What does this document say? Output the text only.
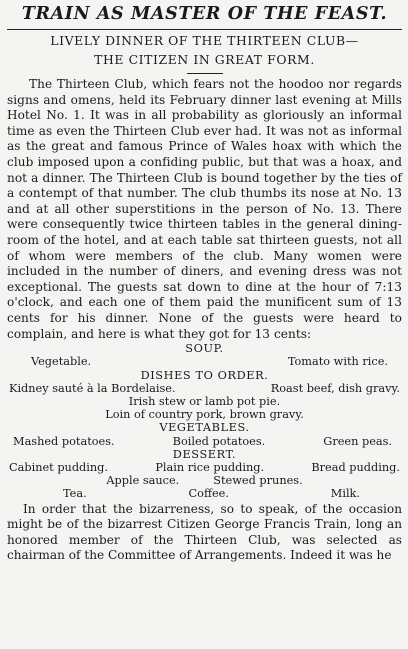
TRAIN AS MASTER OF THE FEAST.
LIVELY DINNER OF THE THIRTEEN CLUB—
THE CITIZEN IN GREAT FORM.

The Thirteen Club, which fears not the hoodoo nor regards signs and omens, held its February dinner last evening at Mills Hotel No. 1. It was in all probability as gloriously an informal time as even the Thirteen Club ever had. It was not as informal as the great and famous Prince of Wales hoax with which the club imposed upon a confiding public, but that was a hoax, and not a dinner. The Thirteen Club is bound together by the ties of a contempt of that number. The club thumbs its nose at No. 13 and at all other superstitions in the person of No. 13. There were consequently twice thirteen tables in the general dining-room of the hotel, and at each table sat thirteen guests, not all of whom were members of the club. Many women were included in the number of diners, and evening dress was not exceptional. The guests sat down to dine at the hour of 7:13 o'clock, and each one of them paid the munificent sum of 13 cents for his dinner. None of the guests were heard to complain, and here is what they got for 13 cents:

SOUP.
Vegetable.	Tomato with rice.
DISHES TO ORDER.
Kidney sauté à la Bordelaise.	Roast beef, dish gravy.
Irish stew or lamb pot pie.
Loin of country pork, brown gravy.
VEGETABLES.
Mashed potatoes.	Boiled potatoes.	Green peas.
DESSERT.
Cabinet pudding.	Plain rice pudding.	Bread pudding.
Apple sauce.	Stewed prunes.
Tea.	Coffee.	Milk.

In order that the bizarreness, so to speak, of the occasion might be of the bizarrest Citizen George Francis Train, long an honored member of the Thirteen Club, was selected as chairman of the Committee of Arrangements. Indeed it was he
